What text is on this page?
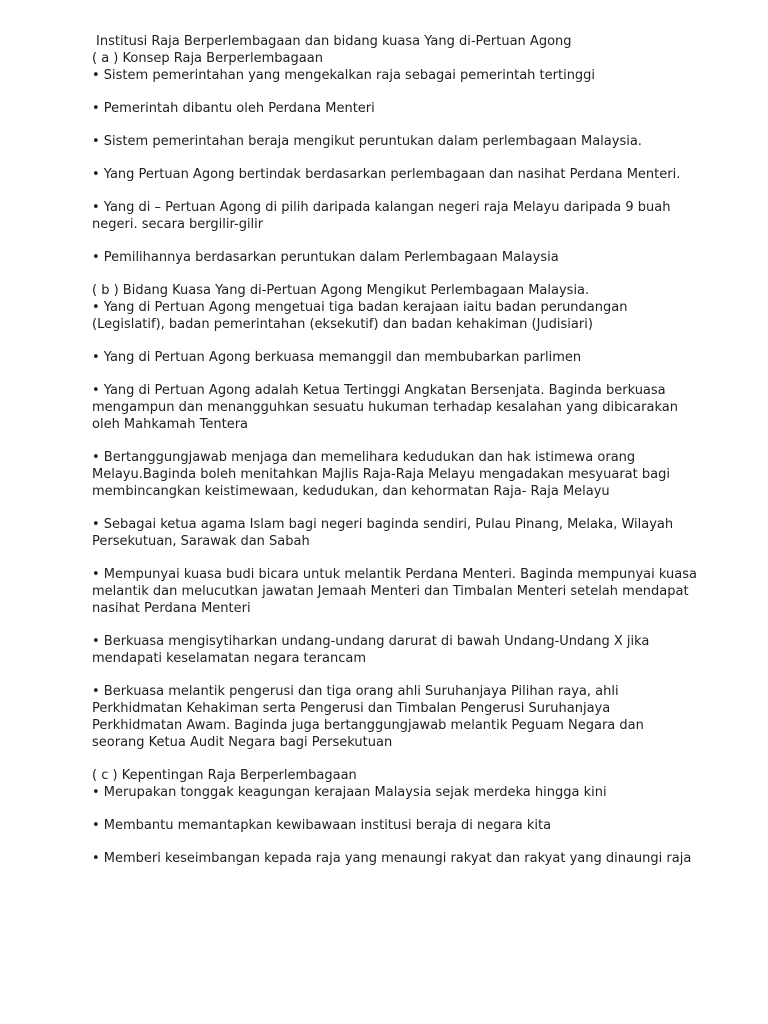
Institusi Raja Berperlembagaan dan bidang kuasa Yang di-Pertuan Agong
( a ) Konsep Raja Berperlembagaan
• Sistem pemerintahan yang mengekalkan raja sebagai pemerintah tertinggi
• Pemerintah dibantu oleh Perdana Menteri
• Sistem pemerintahan beraja mengikut peruntukan dalam perlembagaan Malaysia.
• Yang Pertuan Agong bertindak berdasarkan perlembagaan dan nasihat Perdana Menteri.
• Yang di – Pertuan Agong di pilih daripada kalangan negeri raja Melayu daripada 9 buah
negeri. secara bergilir-gilir
• Pemilihannya berdasarkan peruntukan dalam Perlembagaan Malaysia
( b ) Bidang Kuasa Yang di-Pertuan Agong Mengikut Perlembagaan Malaysia.
• Yang di Pertuan Agong mengetuai tiga badan kerajaan iaitu badan perundangan
(Legislatif), badan pemerintahan (eksekutif) dan badan kehakiman (Judisiari)
• Yang di Pertuan Agong berkuasa memanggil dan membubarkan parlimen
• Yang di Pertuan Agong adalah Ketua Tertinggi Angkatan Bersenjata. Baginda berkuasa
mengampun dan menangguhkan sesuatu hukuman terhadap kesalahan yang dibicarakan
oleh Mahkamah Tentera
• Bertanggungjawab menjaga dan memelihara kedudukan dan hak istimewa orang
Melayu.Baginda boleh menitahkan Majlis Raja-Raja Melayu mengadakan mesyuarat bagi
membincangkan keistimewaan, kedudukan, dan kehormatan Raja- Raja Melayu
• Sebagai ketua agama Islam bagi negeri baginda sendiri, Pulau Pinang, Melaka, Wilayah
Persekutuan, Sarawak dan Sabah
• Mempunyai kuasa budi bicara untuk melantik Perdana Menteri. Baginda mempunyai kuasa
melantik dan melucutkan jawatan Jemaah Menteri dan Timbalan Menteri setelah mendapat
nasihat Perdana Menteri
• Berkuasa mengisytiharkan undang-undang darurat di bawah Undang-Undang X jika
mendapati keselamatan negara terancam
• Berkuasa melantik pengerusi dan tiga orang ahli Suruhanjaya Pilihan raya, ahli
Perkhidmatan Kehakiman serta Pengerusi dan Timbalan Pengerusi Suruhanjaya
Perkhidmatan Awam. Baginda juga bertanggungjawab melantik Peguam Negara dan
seorang Ketua Audit Negara bagi Persekutuan
( c ) Kepentingan Raja Berperlembagaan
• Merupakan tonggak keagungan kerajaan Malaysia sejak merdeka hingga kini
• Membantu memantapkan kewibawaan institusi beraja di negara kita
• Memberi keseimbangan kepada raja yang menaungi rakyat dan rakyat yang dinaungi raja
